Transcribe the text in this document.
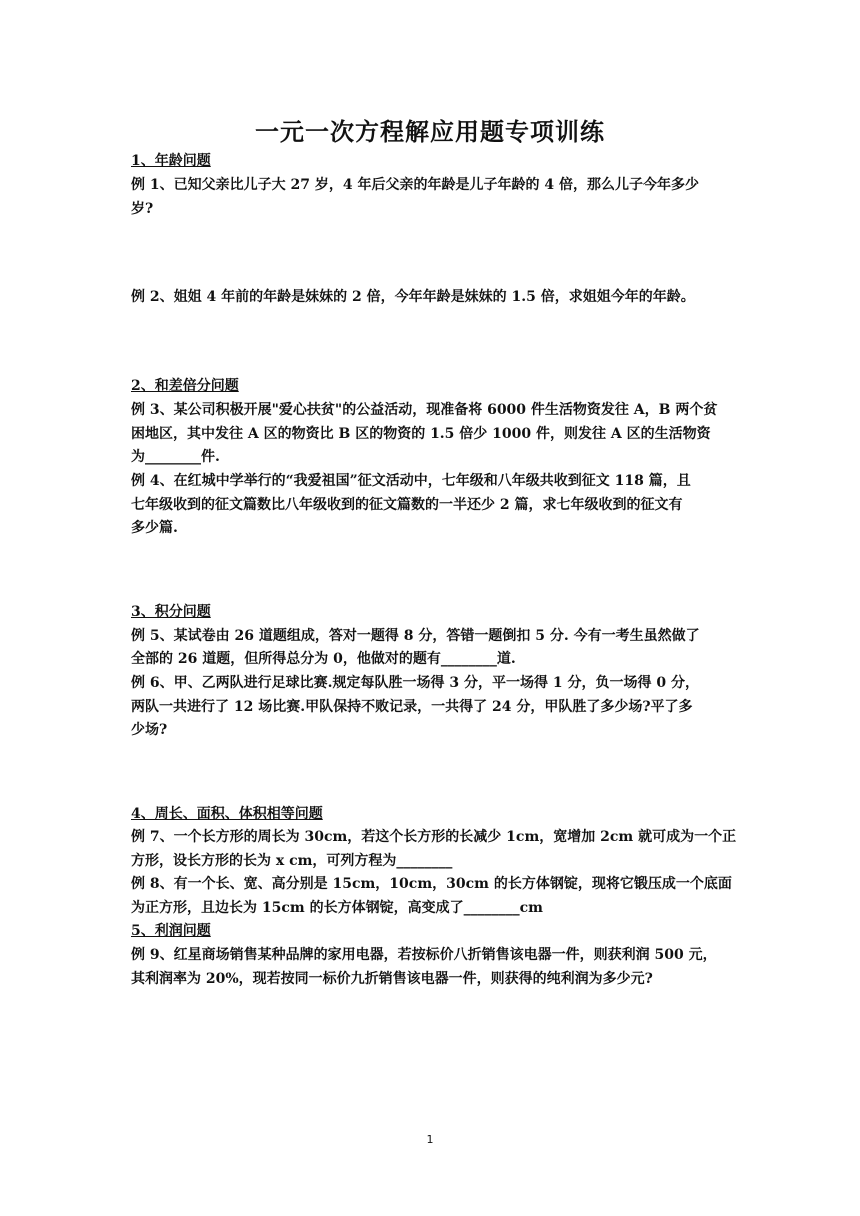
一元一次方程解应用题专项训练
1、年龄问题
例 1、已知父亲比儿子大 27 岁，4 年后父亲的年龄是儿子年龄的 4 倍，那么儿子今年多少
岁?
例 2、姐姐 4 年前的年龄是妹妹的 2 倍，今年年龄是妹妹的 1.5 倍，求姐姐今年的年龄。
2、和差倍分问题
例 3、某公司积极开展"爱心扶贫"的公益活动，现准备将 6000 件生活物资发往 A，B 两个贫
困地区，其中发往 A 区的物资比 B 区的物资的 1.5 倍少 1000 件，则发往 A 区的生活物资
为________件.
例 4、在红城中学举行的“我爱祖国”征文活动中，七年级和八年级共收到征文 118 篇，且
七年级收到的征文篇数比八年级收到的征文篇数的一半还少 2 篇，求七年级收到的征文有
多少篇.
3、积分问题
例 5、某试卷由 26 道题组成，答对一题得 8 分，答错一题倒扣 5 分. 今有一考生虽然做了
全部的 26 道题，但所得总分为 0，他做对的题有________道.
例 6、甲、乙两队进行足球比赛.规定每队胜一场得 3 分，平一场得 1 分，负一场得 0 分，
两队一共进行了 12 场比赛.甲队保持不败记录，一共得了 24 分，甲队胜了多少场?平了多
少场?
4、周长、面积、体积相等问题
例 7、一个长方形的周长为 30cm，若这个长方形的长减少 1cm，宽增加 2cm 就可成为一个正
方形，设长方形的长为 x cm，可列方程为________
例 8、有一个长、宽、高分别是 15cm，10cm，30cm 的长方体钢锭，现将它锻压成一个底面
为正方形，且边长为 15cm 的长方体钢锭，高变成了________cm
5、利润问题
例 9、红星商场销售某种品牌的家用电器，若按标价八折销售该电器一件，则获利润 500 元，
其利润率为 20%，现若按同一标价九折销售该电器一件，则获得的纯利润为多少元?
1
